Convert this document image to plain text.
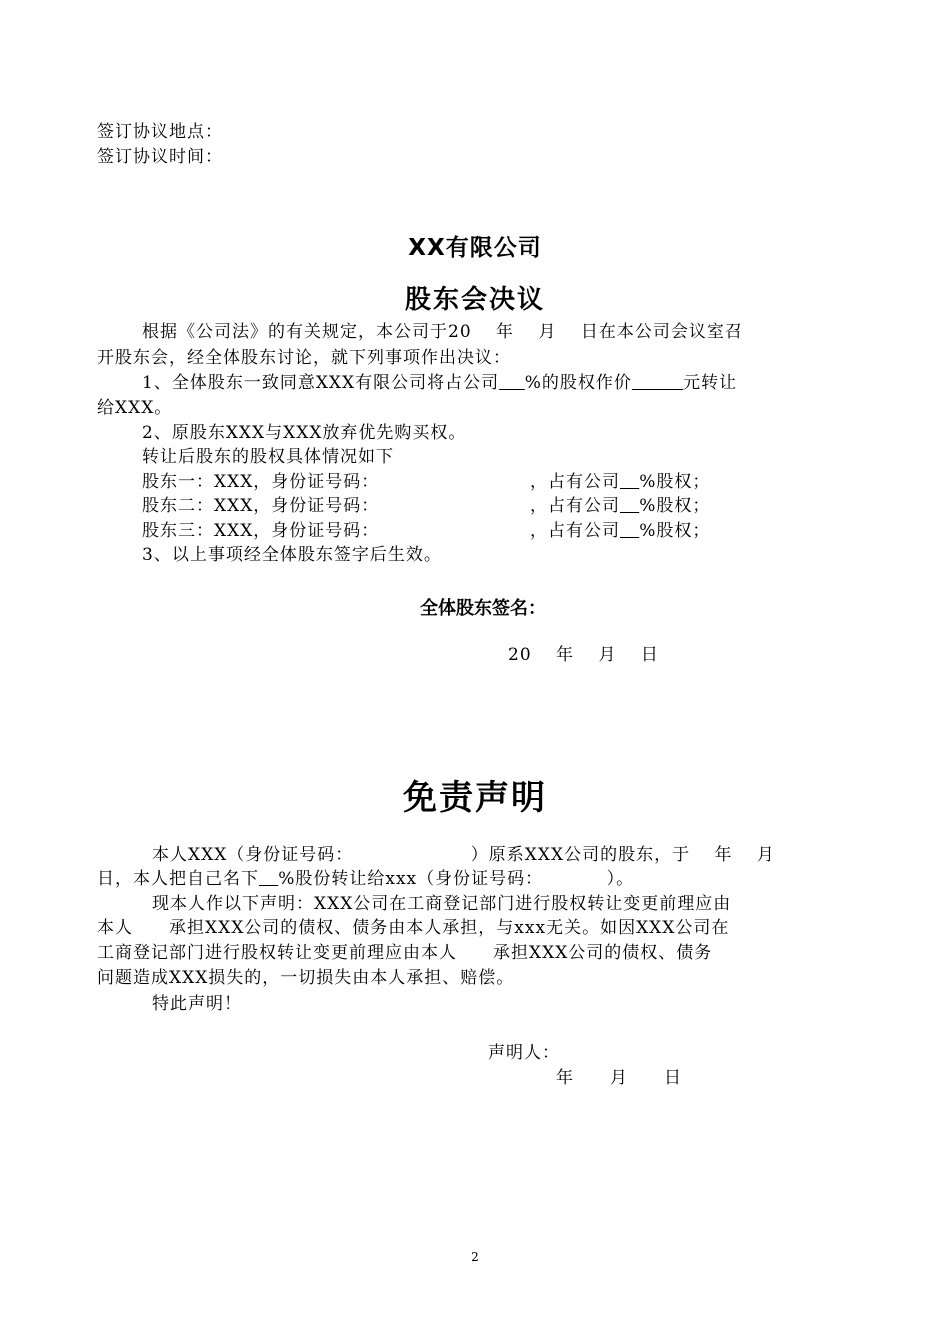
签订协议地点：
签订协议时间：
XX有限公司
股东会决议
根据《公司法》的有关规定，本公司于20　 年　 月　 日在本公司会议室召
开股东会，经全体股东讨论，就下列事项作出决议：
1、全体股东一致同意XXX有限公司将占公司 %的股权作价	元转让
给XXX。
2、原股东XXX与XXX放弃优先购买权。
转让后股东的股权具体情况如下
股东一：XXX，身份证号码：	，占有公司 %股权；
股东二：XXX，身份证号码：	，占有公司 %股权；
股东三：XXX，身份证号码：	，占有公司 %股权；
3、以上事项经全体股东签字后生效。
全体股东签名：
20　 年　 月　 日
免责声明
本人XXX（身份证号码：　　　　　　　）原系XXX公司的股东，于　 年　 月
日，本人把自己名下 %股份转让给xxx（身份证号码：　　　　）。
现本人作以下声明：XXX公司在工商登记部门进行股权转让变更前理应由
本人　　承担XXX公司的债权、债务由本人承担，与xxx无关。如因XXX公司在
工商登记部门进行股权转让变更前理应由本人　　承担XXX公司的债权、债务
问题造成XXX损失的，一切损失由本人承担、赔偿。
特此声明！
声明人：
年　　月　　日
2
